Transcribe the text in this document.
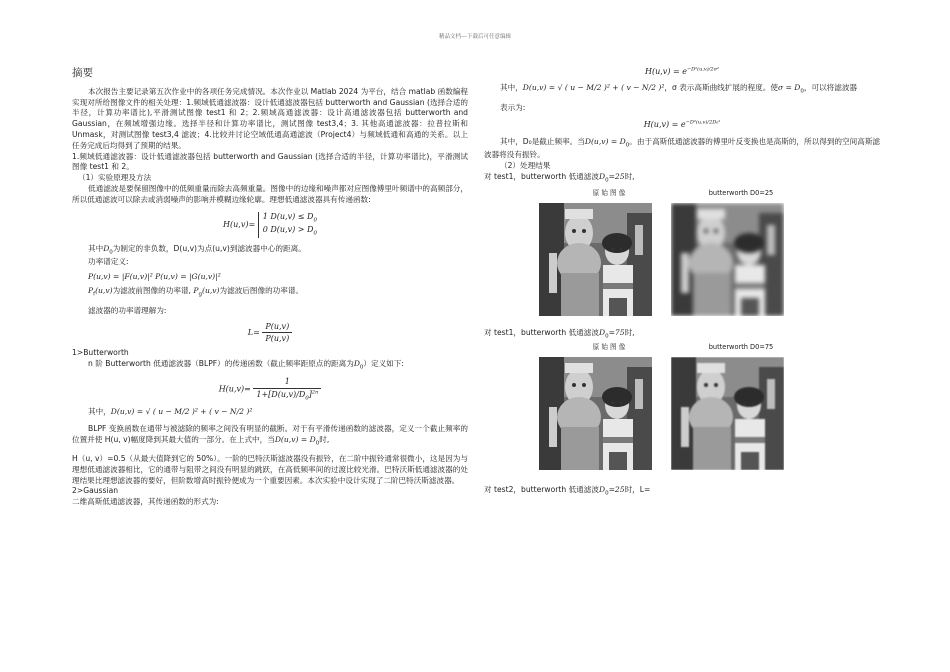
精品文档---下载后可任意编辑
摘要

本次报告主要记录第五次作业中的各项任务完成情况。本次作业以 Matlab 2024 为平台，结合 matlab 函数编程实现对所给图像文件的相关处理：1.频域低通滤波器：设计低通滤波器包括 butterworth and Gaussian (选择合适的半径，计算功率谱比),平滑测试图像 test1 和 2；2.频域高通滤波器：设计高通滤波器包括 butterworth and Gaussian，在频域增强边缘。选择半径和计算功率谱比，测试图像 test3,4；3. 其他高通滤波器：拉普拉斯和 Unmask，对测试图像 test3,4 滤波；4.比较并讨论空域低通高通滤波（Project4）与频域低通和高通的关系。以上任务完成后均得到了预期的结果。

1.频域低通滤波器：设计低通滤波器包括 butterworth and Gaussian (选择合适的半径，计算功率谱比)，平滑测试图像 test1 和 2。

（1）实验原理及方法

低通滤波是要保留图像中的低频重量而除去高频重量。图像中的边缘和噪声都对应图像傅里叶频谱中的高频部分，所以低通滤波可以除去或消弱噪声的影响并模糊边缘轮廓。理想低通滤波器具有传递函数:

H(u,v)= 1 $D(u,v) \le D_0$
0 $D(u,v) > D_0$

其中$D_0$为制定的非负数，D(u,v)为点(u,v)到滤波器中心的距离。

功率谱定义:

P(u,v) = |F(u,v)|² P(u,v) = |G(u,v)|²

$P_f(u,v)$为滤波前图像的功率谱, $P_g(u,v)$为滤波后图像的功率谱。

滤波器的功率谱理解为:

$L= \frac{P(u,v)}{P(u,v)}$

1>Butterworth

n 阶 Butterworth 低通滤波器（BLPF）的传递函数（截止频率距原点的距离为$D_0$）定义如下:

$H(u,v)= \frac{1}{1+[D(u,v)/D_0]^{2n}}$

其中，D(u,v) = √ ( u − M/2 )² + ( v − N/2 )²

BLPF 变换函数在通带与被滤除的频率之间没有明显的截断。对于有平滑传递函数的滤波器，定义一个截止频率的位置并使 H(u, v)幅度降到其最大值的一部分。在上式中，当$D(u,v) = D_0$时,

H（u, v）=0.5（从最大值降到它的 50%）。一阶的巴特沃斯滤波器没有振铃，在二阶中振铃通常很微小，这是因为与理想低通滤波器相比，它的通带与阻带之间没有明显的跳跃，在高低频率间的过渡比较光滑。巴特沃斯低通滤波器的处理结果比理想滤波器的要好，但阶数增高时振铃便成为一个重要因素。本次实验中设计实现了二阶巴特沃斯滤波器。

2>Gaussian

二维高斯低通滤波器，其传递函数的形式为:

$H(u,v) = e^{-D^2(u,v)/2\sigma^2}$

其中，D(u,v) = √ ( u − M/2 )² + ( v − N/2 )²，σ 表示高斯曲线扩展的程度。使$\sigma = D_0$，可以将滤波器

表示为:

$H(u,v) = e^{-D^2(u,v)/2D_0^2}$

其中，D₀是截止频率。当$D(u,v) = D_0$。由于高斯低通滤波器的傅里叶反变换也是高斯的，所以得到的空间高斯滤波器将没有振铃。

（2）处理结果

对 test1，butterworth 低通滤波$D_0=25$时,

原 始 图 像	butterworth D0=25

对 test1，butterworth 低通滤波$D_0=75$时,

原 始 图 像	butterworth D0=75

对 test2，butterworth 低通滤波$D_0=25$时，L=
